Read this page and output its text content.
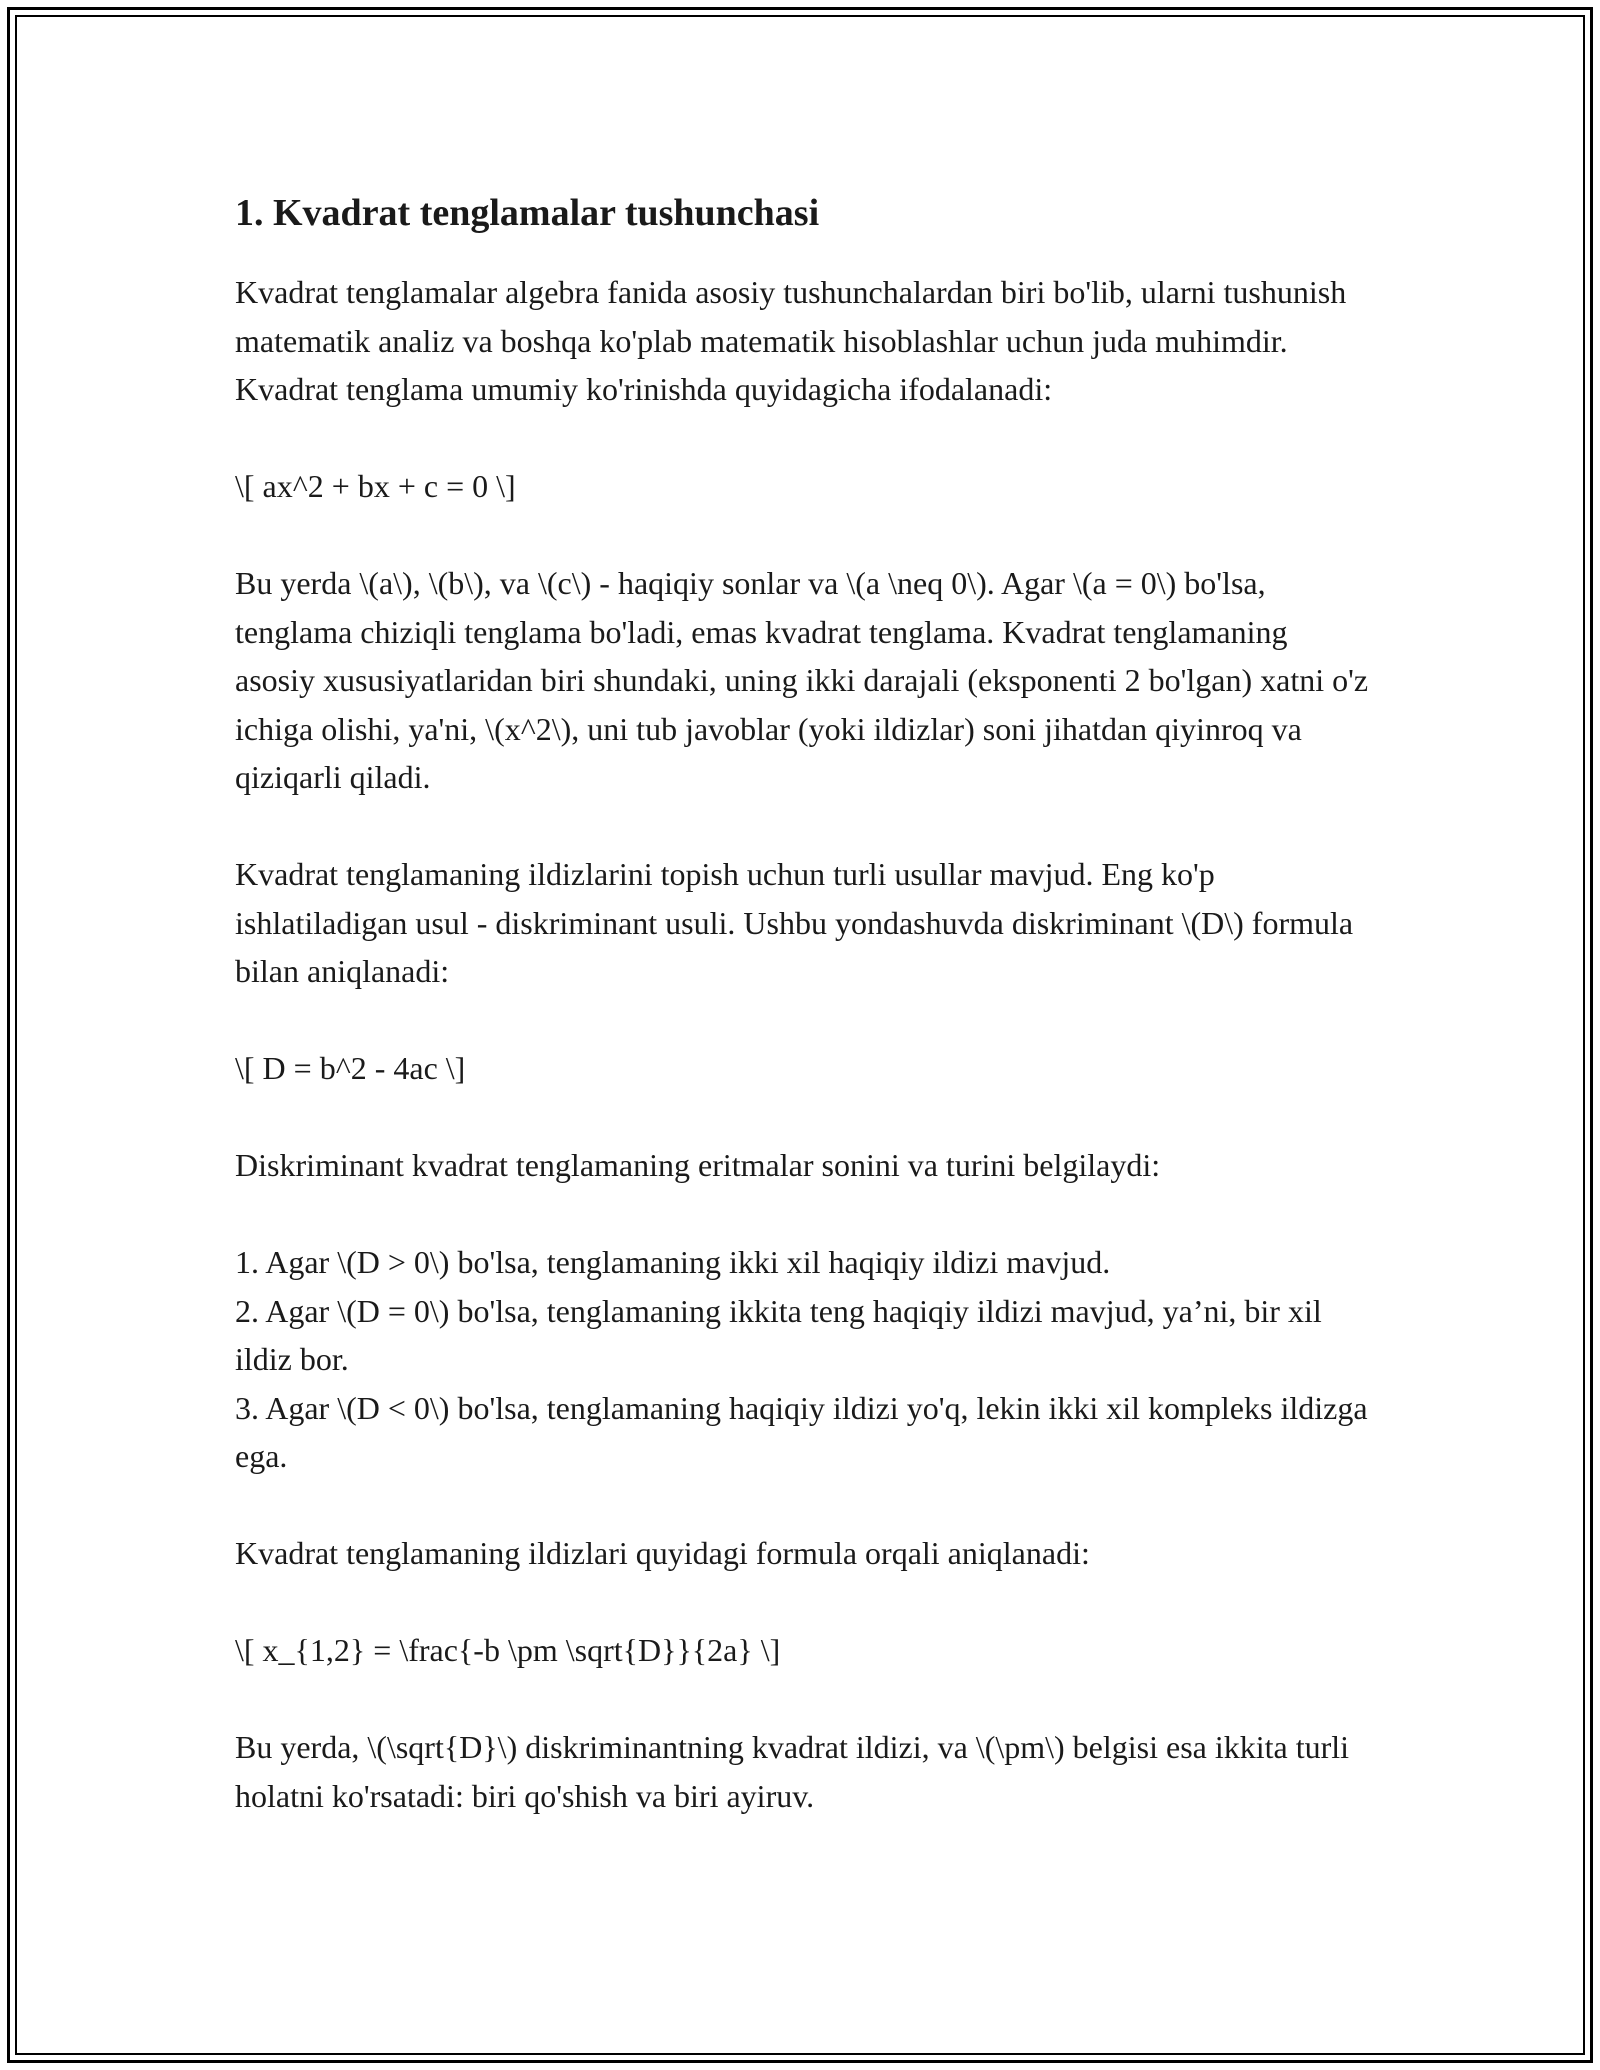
1. Kvadrat tenglamalar tushunchasi
Kvadrat tenglamalar algebra fanida asosiy tushunchalardan biri bo'lib, ularni tushunish matematik analiz va boshqa ko'plab matematik hisoblashlar uchun juda muhimdir. Kvadrat tenglama umumiy ko'rinishda quyidagicha ifodalanadi:
\[ ax^2 + bx + c = 0 \]
Bu yerda \(a\), \(b\), va \(c\) - haqiqiy sonlar va \(a \neq 0\). Agar \(a = 0\) bo'lsa, tenglama chiziqli tenglama bo'ladi, emas kvadrat tenglama. Kvadrat tenglamaning asosiy xususiyatlaridan biri shundaki, uning ikki darajali (eksponenti 2 bo'lgan) xatni o'z ichiga olishi, ya'ni, \(x^2\), uni tub javoblar (yoki ildizlar) soni jihatdan qiyinroq va qiziqarli qiladi.
Kvadrat tenglamaning ildizlarini topish uchun turli usullar mavjud. Eng ko'p ishlatiladigan usul - diskriminant usuli. Ushbu yondashuvda diskriminant \(D\) formula bilan aniqlanadi:
\[ D = b^2 - 4ac \]
Diskriminant kvadrat tenglamaning eritmalar sonini va turini belgilaydi:
1. Agar \(D > 0\) bo'lsa, tenglamaning ikki xil haqiqiy ildizi mavjud.
2. Agar \(D = 0\) bo'lsa, tenglamaning ikkita teng haqiqiy ildizi mavjud, ya’ni, bir xil ildiz bor.
3. Agar \(D < 0\) bo'lsa, tenglamaning haqiqiy ildizi yo'q, lekin ikki xil kompleks ildizga ega.
Kvadrat tenglamaning ildizlari quyidagi formula orqali aniqlanadi:
\[ x_{1,2} = \frac{-b \pm \sqrt{D}}{2a} \]
Bu yerda, \(\sqrt{D}\) diskriminantning kvadrat ildizi, va \(\pm\) belgisi esa ikkita turli holatni ko'rsatadi: biri qo'shish va biri ayiruv.
